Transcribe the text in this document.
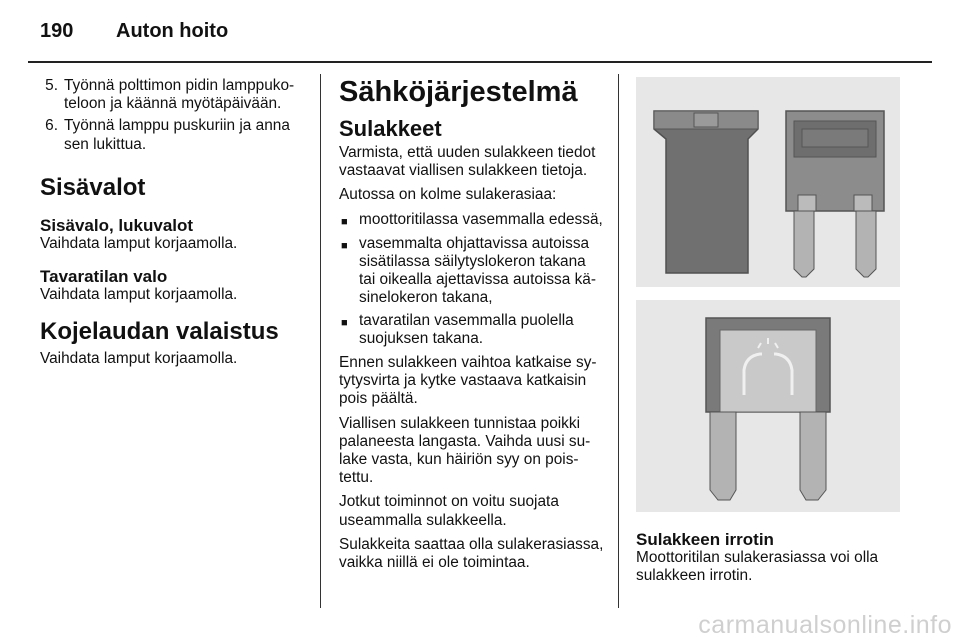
190 Auton hoito
5. Työnnä polttimon pidin lamppukoteloon ja käännä myötäpäivään.
6. Työnnä lamppu puskuriin ja anna sen lukittua.
Sisävalot
Sisävalo, lukuvalot

Vaihdata lamput korjaamolla.

Tavaratilan valo

Vaihdata lamput korjaamolla.

Kojelaudan valaistus

Vaihdata lamput korjaamolla.

Sähköjärjestelmä
Sulakkeet

Varmista, että uuden sulakkeen tiedot vastaavat viallisen sulakkeen tietoja.

Autossa on kolme sulakerasiaa:

■ moottoritilassa vasemmalla edessä,
■ vasemmalta ohjattavissa autoissa sisätilassa säilytyslokeron takana tai oikealla ajettavissa autoissa käsinelokeron takana,
■ tavaratilan vasemmalla puolella suojuksen takana.

Ennen sulakkeen vaihtoa katkaise sytytysvirta ja kytke vastaava katkaisin pois päältä.

Viallisen sulakkeen tunnistaa poikki palaneesta langasta. Vaihda uusi sulake vasta, kun häiriön syy on poistettu.

Jotkut toiminnot on voitu suojata useammalla sulakkeella.

Sulakkeita saattaa olla sulakerasiassa, vaikka niillä ei ole toimintaa.

Sulakkeen irrotin

Moottoritilan sulakerasiassa voi olla sulakkeen irrotin.

carmanualsonline.info
